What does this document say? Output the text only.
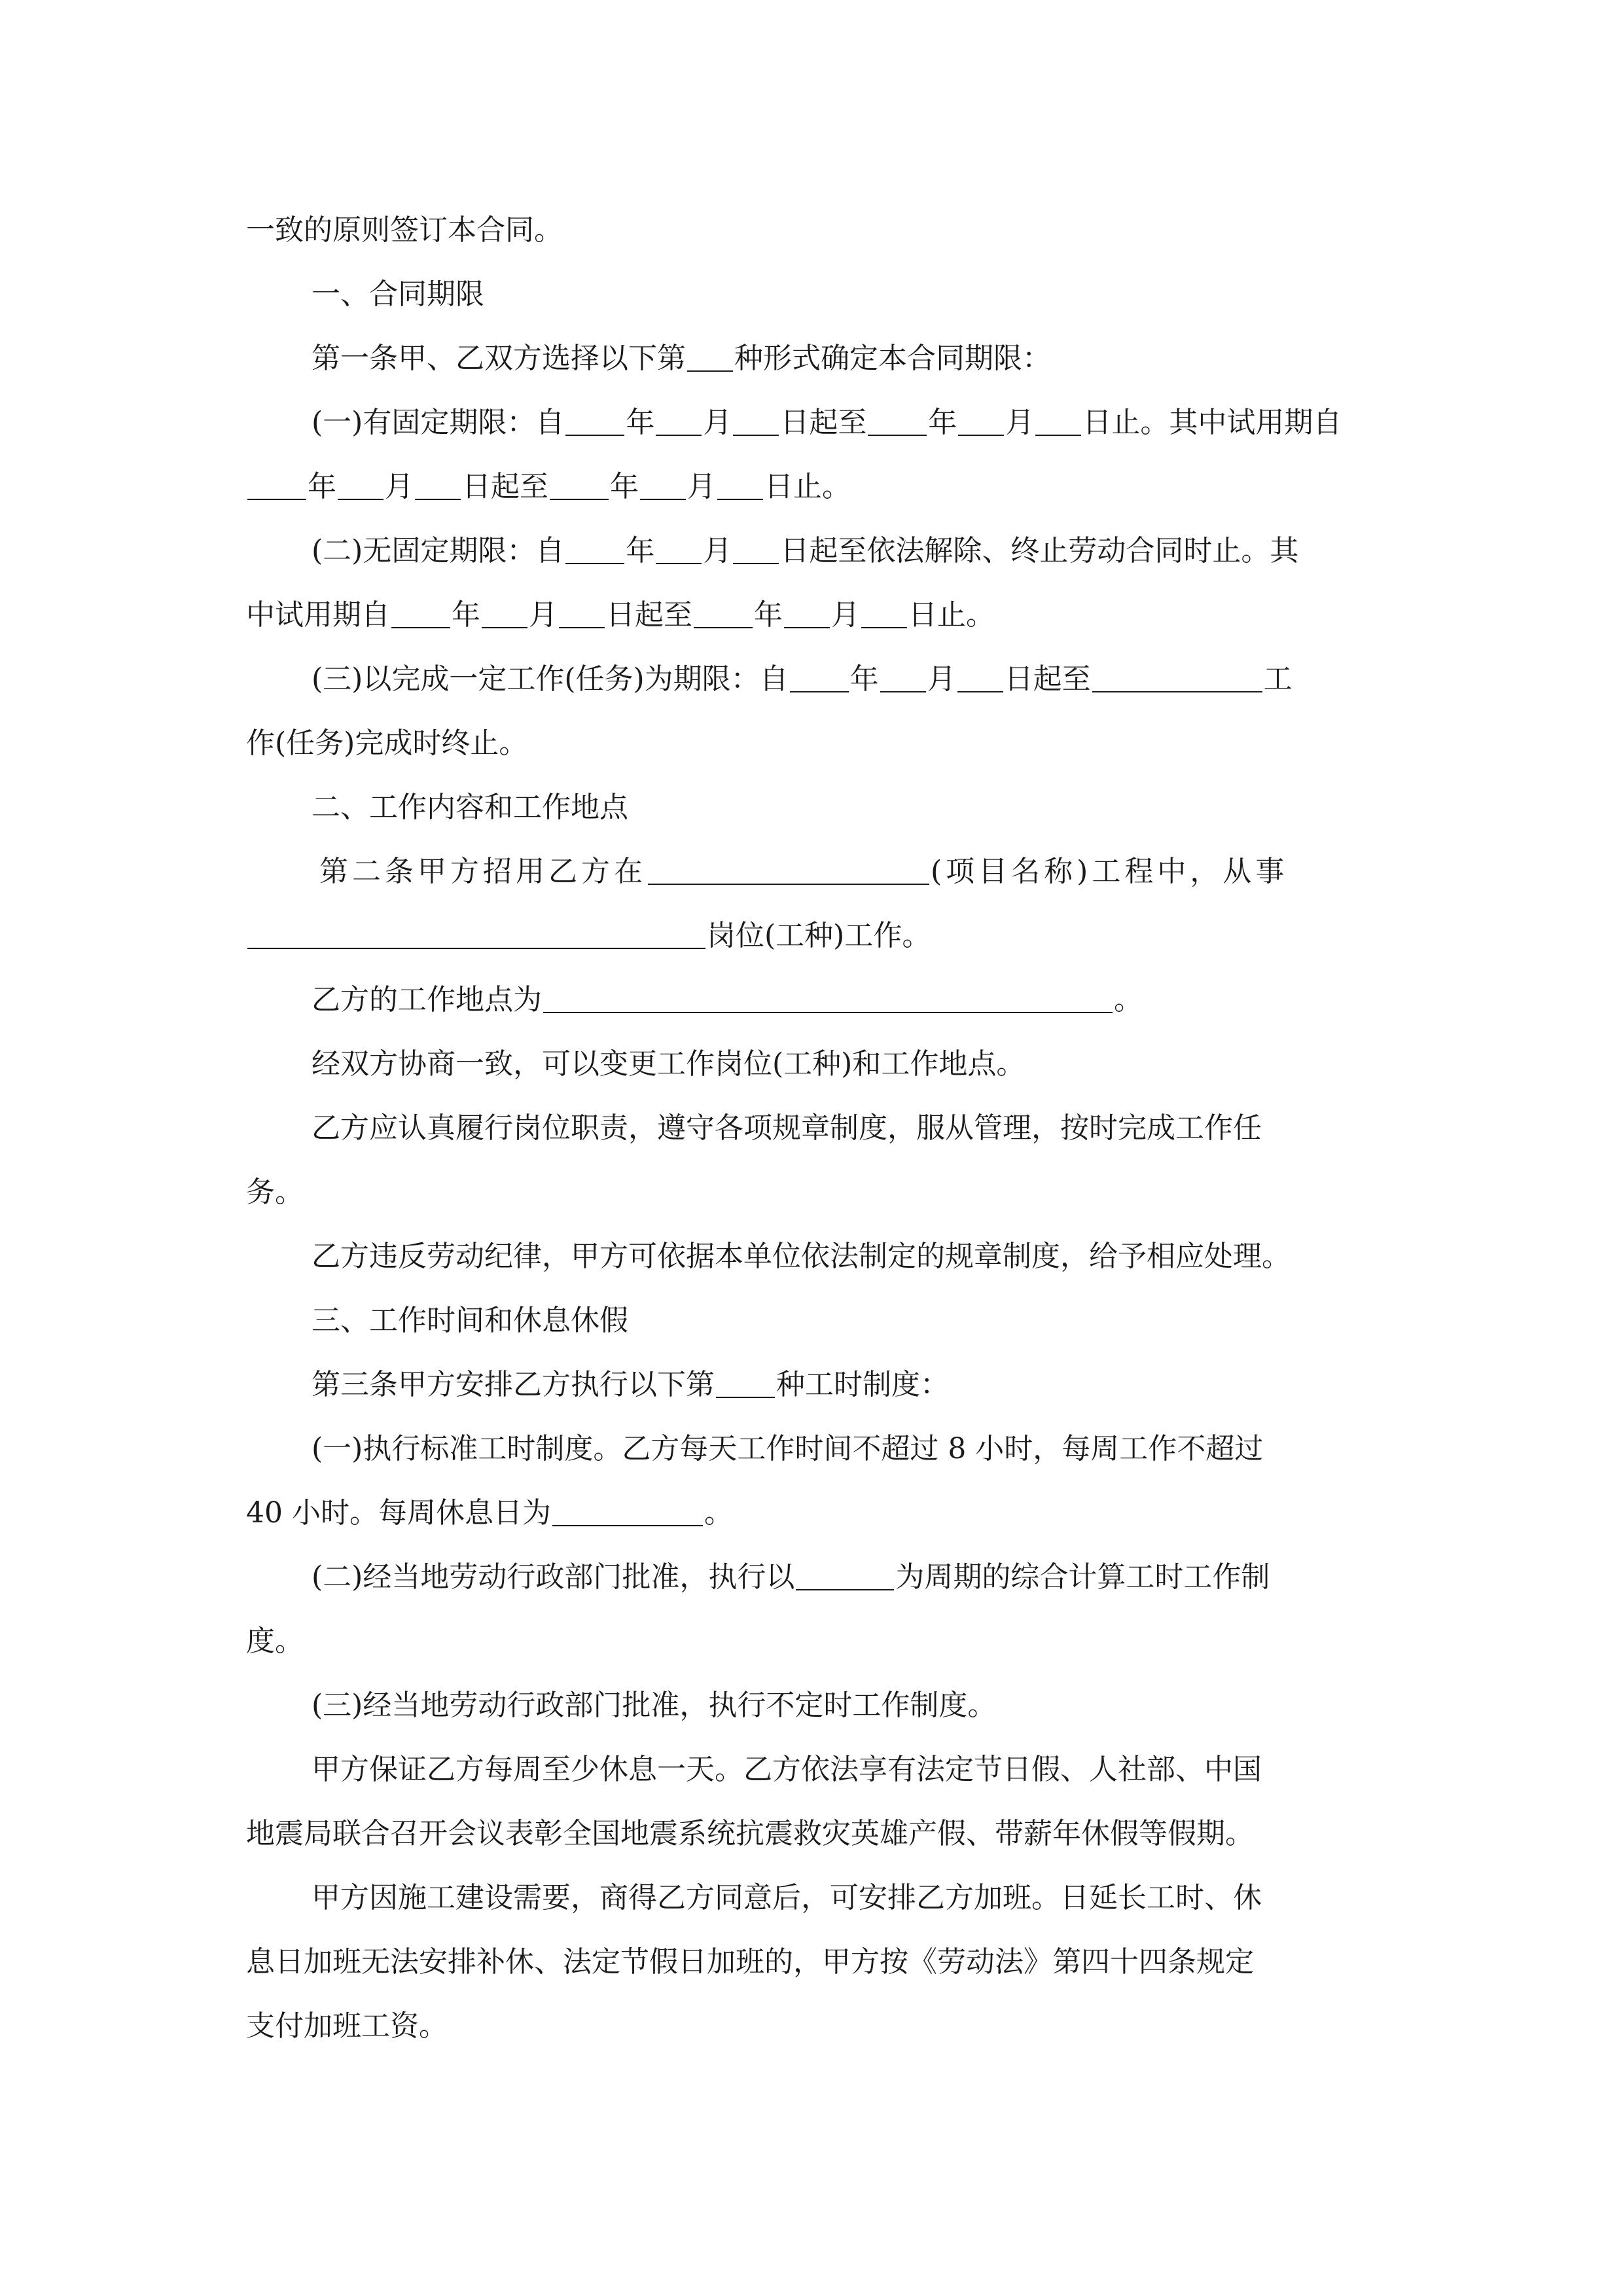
一致的原则签订本合同。
一、合同期限
第一条甲、乙双方选择以下第 种形式确定本合同期限：
(一)有固定期限：自 年 月 日起至 年 月 日止。其中试用期自
年 月 日起至 年 月 日止。
(二)无固定期限：自 年 月 日起至依法解除、终止劳动合同时止。其
中试用期自 年 月 日起至 年 月 日止。
(三)以完成一定工作(任务)为期限：自 年 月 日起至	工
作(任务)完成时终止。
二、工作内容和工作地点
第二条甲方招用乙方在	(项目名称)工程中，从事
岗位(工种)工作。
乙方的工作地点为	。
经双方协商一致，可以变更工作岗位(工种)和工作地点。
乙方应认真履行岗位职责，遵守各项规章制度，服从管理，按时完成工作任
务。
乙方违反劳动纪律，甲方可依据本单位依法制定的规章制度，给予相应处理。
三、工作时间和休息休假
第三条甲方安排乙方执行以下第 种工时制度：
(一)执行标准工时制度。乙方每天工作时间不超过 8 小时，每周工作不超过
40 小时。每周休息日为	。
(二)经当地劳动行政部门批准，执行以	为周期的综合计算工时工作制
度。
(三)经当地劳动行政部门批准，执行不定时工作制度。
甲方保证乙方每周至少休息一天。乙方依法享有法定节日假、人社部、中国
地震局联合召开会议表彰全国地震系统抗震救灾英雄产假、带薪年休假等假期。
甲方因施工建设需要，商得乙方同意后，可安排乙方加班。日延长工时、休
息日加班无法安排补休、法定节假日加班的，甲方按《劳动法》第四十四条规定
支付加班工资。
